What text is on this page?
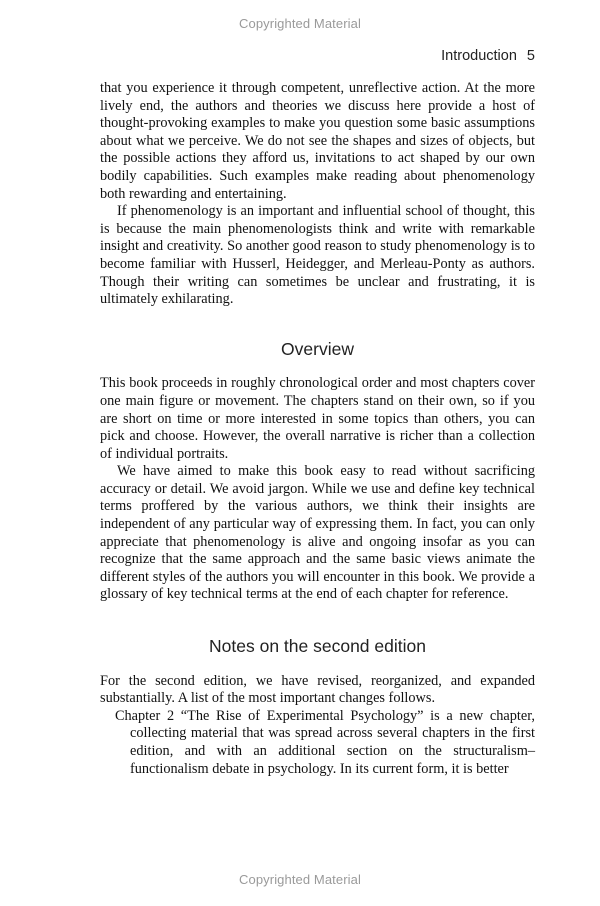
Copyrighted Material
Introduction 5

that you experience it through competent, unreflective action. At the more lively end, the authors and theories we discuss here provide a host of thought-provoking examples to make you question some basic assumptions about what we perceive. We do not see the shapes and sizes of objects, but the possible actions they afford us, invitations to act shaped by our own bodily capabilities. Such examples make reading about phenomenology both rewarding and entertaining.

If phenomenology is an important and influential school of thought, this is because the main phenomenologists think and write with remarkable insight and creativity. So another good reason to study phenomenology is to become familiar with Husserl, Heidegger, and Merleau-Ponty as authors. Though their writing can sometimes be unclear and frustrating, it is ultimately exhilarating.

Overview

This book proceeds in roughly chronological order and most chapters cover one main figure or movement. The chapters stand on their own, so if you are short on time or more interested in some topics than others, you can pick and choose. However, the overall narrative is richer than a collection of individual portraits.

We have aimed to make this book easy to read without sacrificing accuracy or detail. We avoid jargon. While we use and define key technical terms proffered by the various authors, we think their insights are independent of any particular way of expressing them. In fact, you can only appreciate that phenomenology is alive and ongoing insofar as you can recognize that the same approach and the same basic views animate the different styles of the authors you will encounter in this book. We provide a glossary of key technical terms at the end of each chapter for reference.

Notes on the second edition

For the second edition, we have revised, reorganized, and expanded substantially. A list of the most important changes follows.

Chapter 2 “The Rise of Experimental Psychology” is a new chapter, collecting material that was spread across several chapters in the first edition, and with an additional section on the structuralism–functionalism debate in psychology. In its current form, it is better

Copyrighted Material
